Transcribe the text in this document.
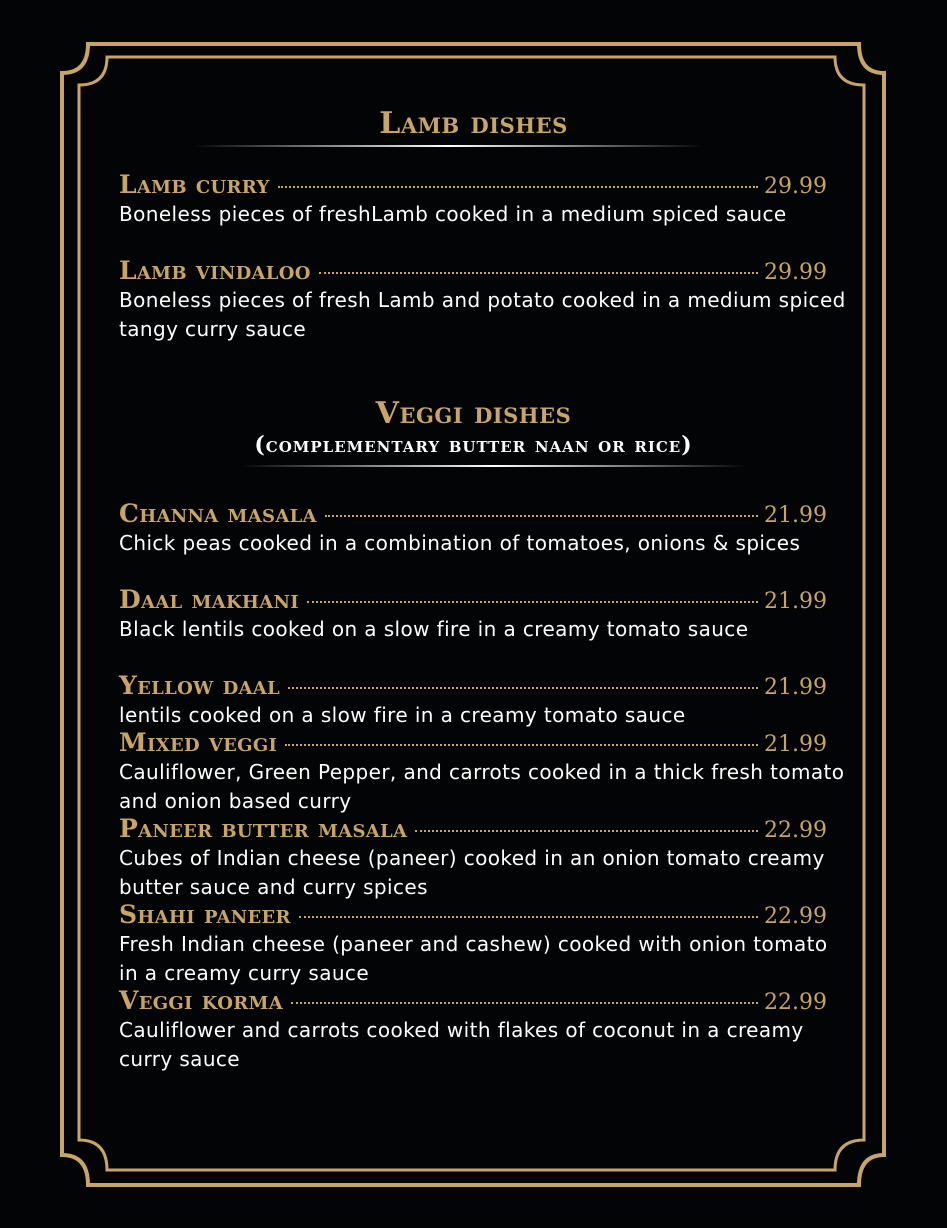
Lamb dishes
Lamb curry	29.99
Boneless pieces of freshLamb cooked in a medium spiced sauce
Lamb vindaloo	29.99
Boneless pieces of fresh Lamb and potato cooked in a medium spiced tangy curry sauce
Veggi dishes
(complementary butter naan or rice)
Channa masala	21.99
Chick peas cooked in a combination of tomatoes, onions & spices
Daal makhani	21.99
Black lentils cooked on a slow fire in a creamy tomato sauce
Yellow daal	21.99
lentils cooked on a slow fire in a creamy tomato sauce
Mixed veggi	21.99
Cauliflower, Green Pepper, and carrots cooked in a thick fresh tomato and onion based curry
Paneer butter masala	22.99
Cubes of Indian cheese (paneer) cooked in an onion tomato creamy butter sauce and curry spices
Shahi paneer	22.99
Fresh Indian cheese (paneer and cashew) cooked with onion tomato in a creamy curry sauce
Veggi korma	22.99
Cauliflower and carrots cooked with flakes of coconut in a creamy curry sauce
